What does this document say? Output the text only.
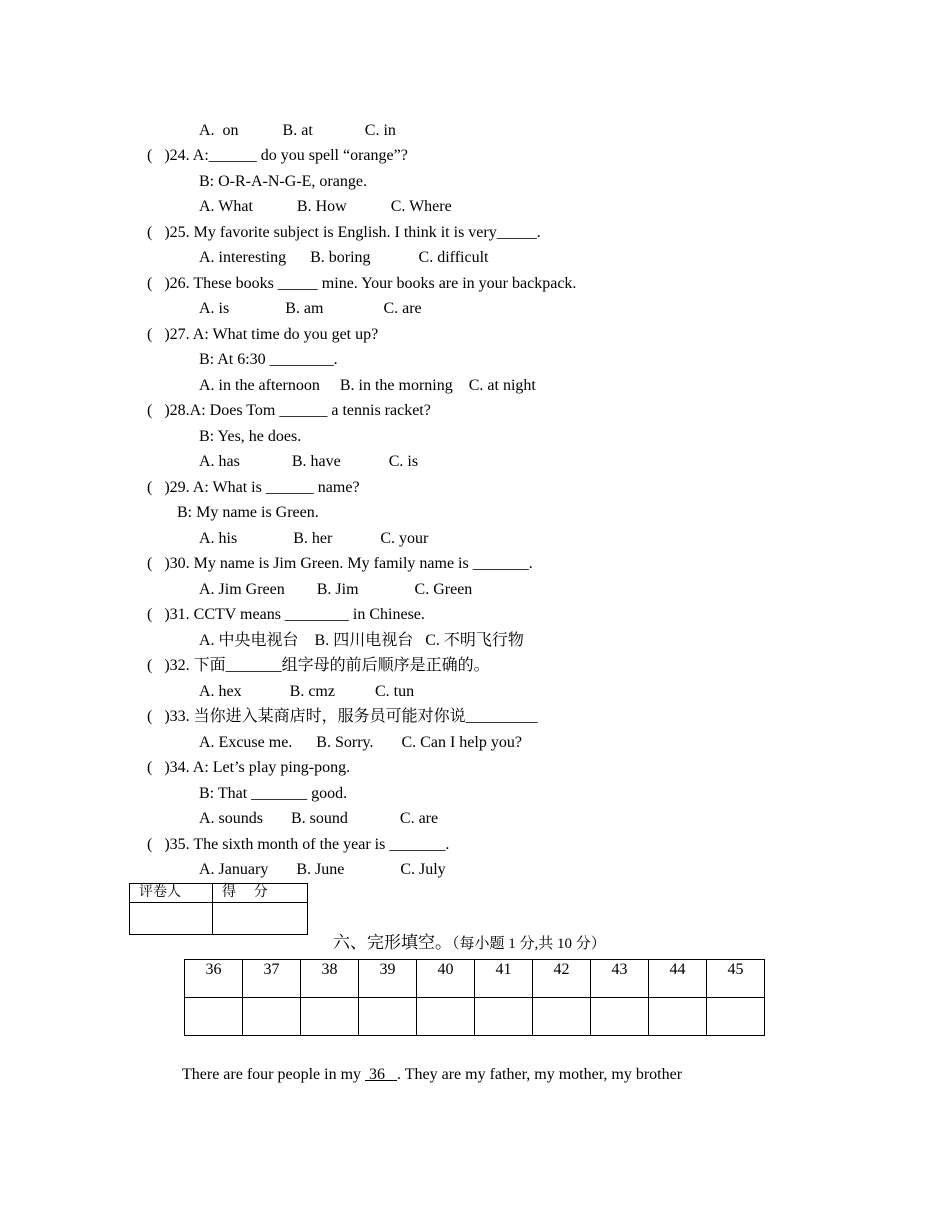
A.  on           B. at             C. in
(   )24. A:______ do you spell “orange”?
B: O-R-A-N-G-E, orange.
A. What           B. How           C. Where
(   )25. My favorite subject is English. I think it is very_____.
A. interesting      B. boring            C. difficult
(   )26. These books _____ mine. Your books are in your backpack.
A. is              B. am               C. are
(   )27. A: What time do you get up?
B: At 6:30 ________.
A. in the afternoon     B. in the morning    C. at night
(   )28.A: Does Tom ______ a tennis racket?
B: Yes, he does.
A. has             B. have            C. is
(   )29. A: What is ______ name?
B: My name is Green.
A. his              B. her            C. your
(   )30. My name is Jim Green. My family name is _______.
A. Jim Green        B. Jim              C. Green
(   )31. CCTV means ________ in Chinese.
A. 中央电视台    B. 四川电视台   C. 不明飞行物
(   )32. 下面_______组字母的前后顺序是正确的。
A. hex            B. cmz          C. tun
(   )33. 当你进入某商店时，服务员可能对你说_________
A. Excuse me.      B. Sorry.       C. Can I help you?
(   )34. A: Let’s play ping-pong.
B: That _______ good.
A. sounds       B. sound             C. are
(   )35. The sixth month of the year is _______.
A. January       B. June              C. July
评卷人	得    分

六、完形填空。（每小题 1 分,共 10 分）

36	37	38	39	40	41	42	43	44	45

There are four people in my  36   . They are my father, my mother, my brother
